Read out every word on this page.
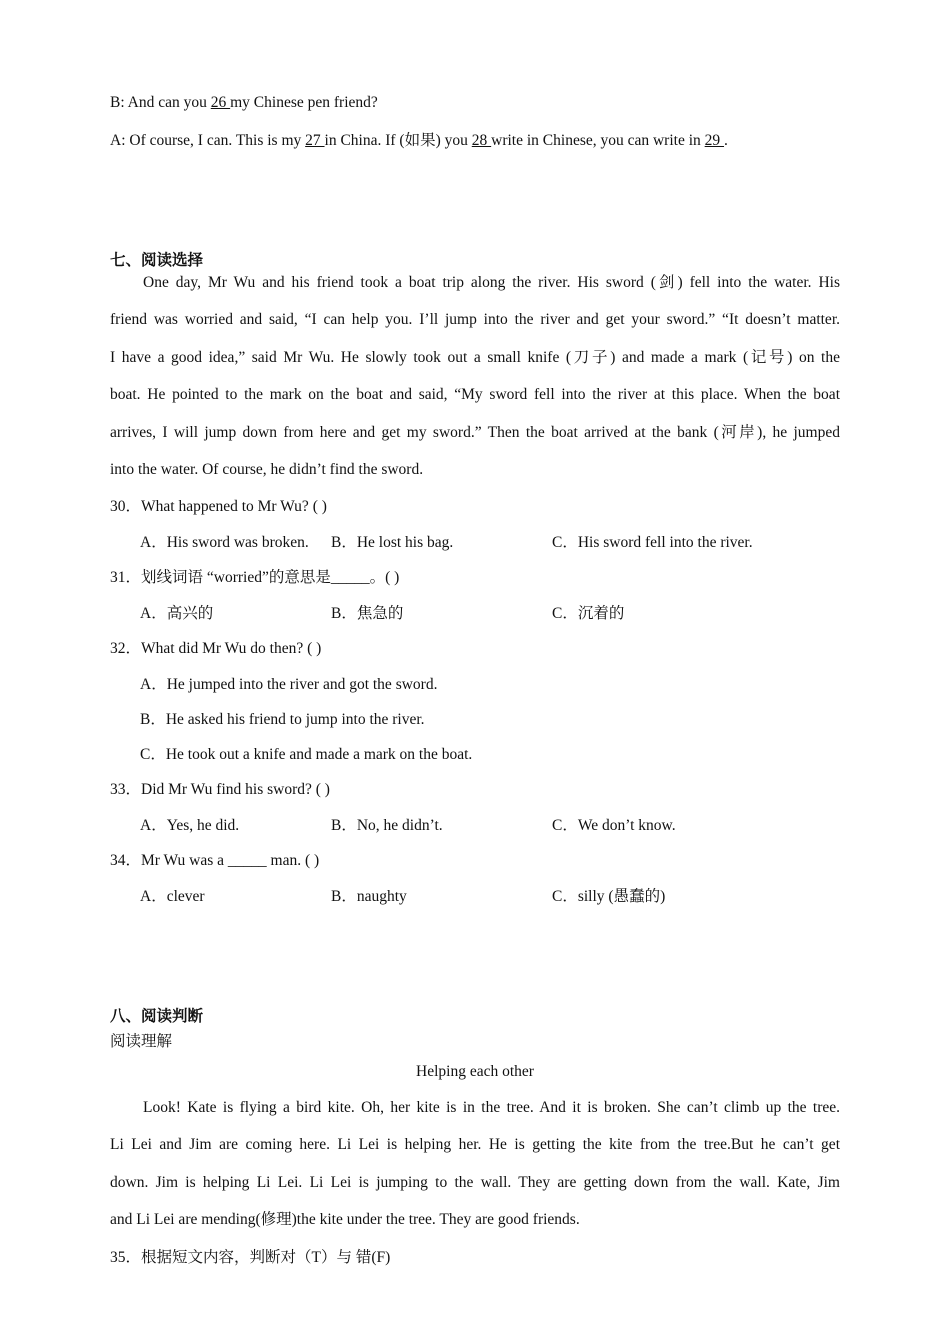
B: And can you 26 my Chinese pen friend?
A: Of course, I can. This is my 27 in China. If (如果) you 28 write in Chinese, you can write in 29 .
七、阅读选择
One day, Mr Wu and his friend took a boat trip along the river. His sword (剑) fell into the water. His
friend was worried and said, “I can help you. I’ll jump into the river and get your sword.” “It doesn’t matter.
I have a good idea,” said Mr Wu. He slowly took out a small knife (刀子) and made a mark (记号) on the
boat. He pointed to the mark on the boat and said, “My sword fell into the river at this place. When the boat
arrives, I will jump down from here and get my sword.” Then the boat arrived at the bank (河岸), he jumped
into the water. Of course, he didn’t find the sword.
30．What happened to Mr Wu? ( )
A．His sword was broken. B．He lost his bag.	C．His sword fell into the river.
31．划线词语 “worried”的意思是_____。( )
A．高兴的	B．焦急的	C．沉着的
32．What did Mr Wu do then? ( )
A．He jumped into the river and got the sword.
B．He asked his friend to jump into the river.
C．He took out a knife and made a mark on the boat.
33．Did Mr Wu find his sword? ( )
A．Yes, he did.	B．No, he didn’t.	C．We don’t know.
34．Mr Wu was a _____ man. ( )
A．clever	B．naughty	C．silly (愚蠢的)
八、阅读判断
阅读理解
Helping each other
Look! Kate is flying a bird kite. Oh, her kite is in the tree. And it is broken. She can’t climb up the tree.
Li Lei and Jim are coming here. Li Lei is helping her. He is getting the kite from the tree.But he can’t get
down. Jim is helping Li Lei. Li Lei is jumping to the wall. They are getting down from the wall. Kate, Jim
and Li Lei are mending(修理)the kite under the tree. They are good friends.
35．根据短文内容，判断对（T）与 错(F)
